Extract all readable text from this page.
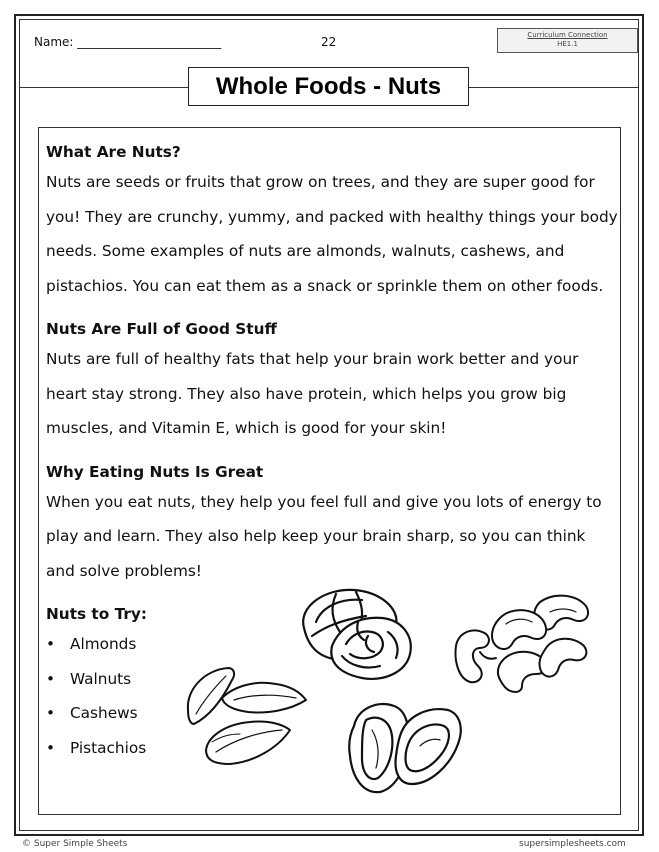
Name: ________________________	22	Curriculum Connection
HE1.1
Whole Foods - Nuts
What Are Nuts?
Nuts are seeds or fruits that grow on trees, and they are super good for you! They are crunchy, yummy, and packed with healthy things your body needs. Some examples of nuts are almonds, walnuts, cashews, and pistachios. You can eat them as a snack or sprinkle them on other foods.
Nuts Are Full of Good Stuff
Nuts are full of healthy fats that help your brain work better and your heart stay strong. They also have protein, which helps you grow big muscles, and Vitamin E, which is good for your skin!
Why Eating Nuts Is Great
When you eat nuts, they help you feel full and give you lots of energy to play and learn. They also help keep your brain sharp, so you can think and solve problems!
Nuts to Try:
• Almonds
• Walnuts
• Cashews
• Pistachios
© Super Simple Sheets	supersimplesheets.com
